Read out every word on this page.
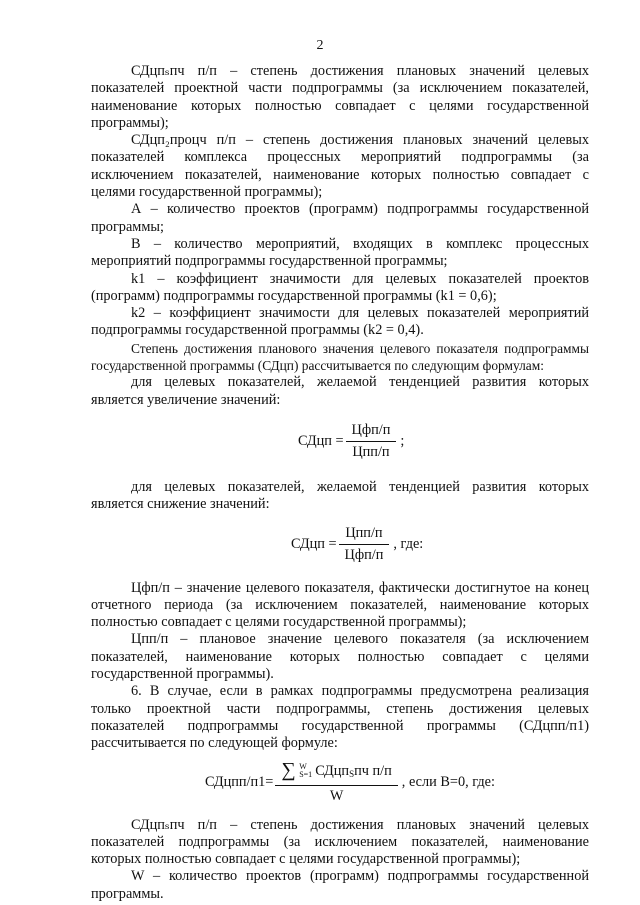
2

СДцпₛпч п/п – степень достижения плановых значений целевых показателей проектной части подпрограммы (за исключением показателей, наименование которых полностью совпадает с целями государственной программы);

СДцп₂процч п/п – степень достижения плановых значений целевых показателей комплекса процессных мероприятий подпрограммы (за исключением показателей, наименование которых полностью совпадает с целями государственной программы);

А – количество проектов (программ) подпрограммы государственной программы;

В – количество мероприятий, входящих в комплекс процессных мероприятий подпрограммы государственной программы;

k1 – коэффициент значимости для целевых показателей проектов (программ) подпрограммы государственной программы (k1 = 0,6);

k2 – коэффициент значимости для целевых показателей мероприятий подпрограммы государственной программы (k2 = 0,4).

Степень достижения планового значения целевого показателя подпрограммы государственной программы (СДцп) рассчитывается по следующим формулам:

для целевых показателей, желаемой тенденцией развития которых является увеличение значений:

СДцп = $\frac{\text{Цфп/п}}{\text{Цпп/п}}$ ;

для целевых показателей, желаемой тенденцией развития которых является снижение значений:

СДцп = $\frac{\text{Цпп/п}}{\text{Цфп/п}}$ , где:

Цфп/п – значение целевого показателя, фактически достигнутое на конец отчетного периода (за исключением показателей, наименование которых полностью совпадает с целями государственной программы);

Цпп/п – плановое значение целевого показателя (за исключением показателей, наименование которых полностью совпадает с целями государственной программы).

6. В случае, если в рамках подпрограммы предусмотрена реализация только проектной части подпрограммы, степень достижения целевых показателей подпрограммы государственной программы (СДцпп/п1) рассчитывается по следующей формуле:

СДцпп/п1=
∑ W
S=1 СДцп$_S$пч п/п
W
, если В=0, где:

СДцпₛпч п/п – степень достижения плановых значений целевых показателей подпрограммы (за исключением показателей, наименование которых полностью совпадает с целями государственной программы);

W – количество проектов (программ) подпрограммы государственной программы.
